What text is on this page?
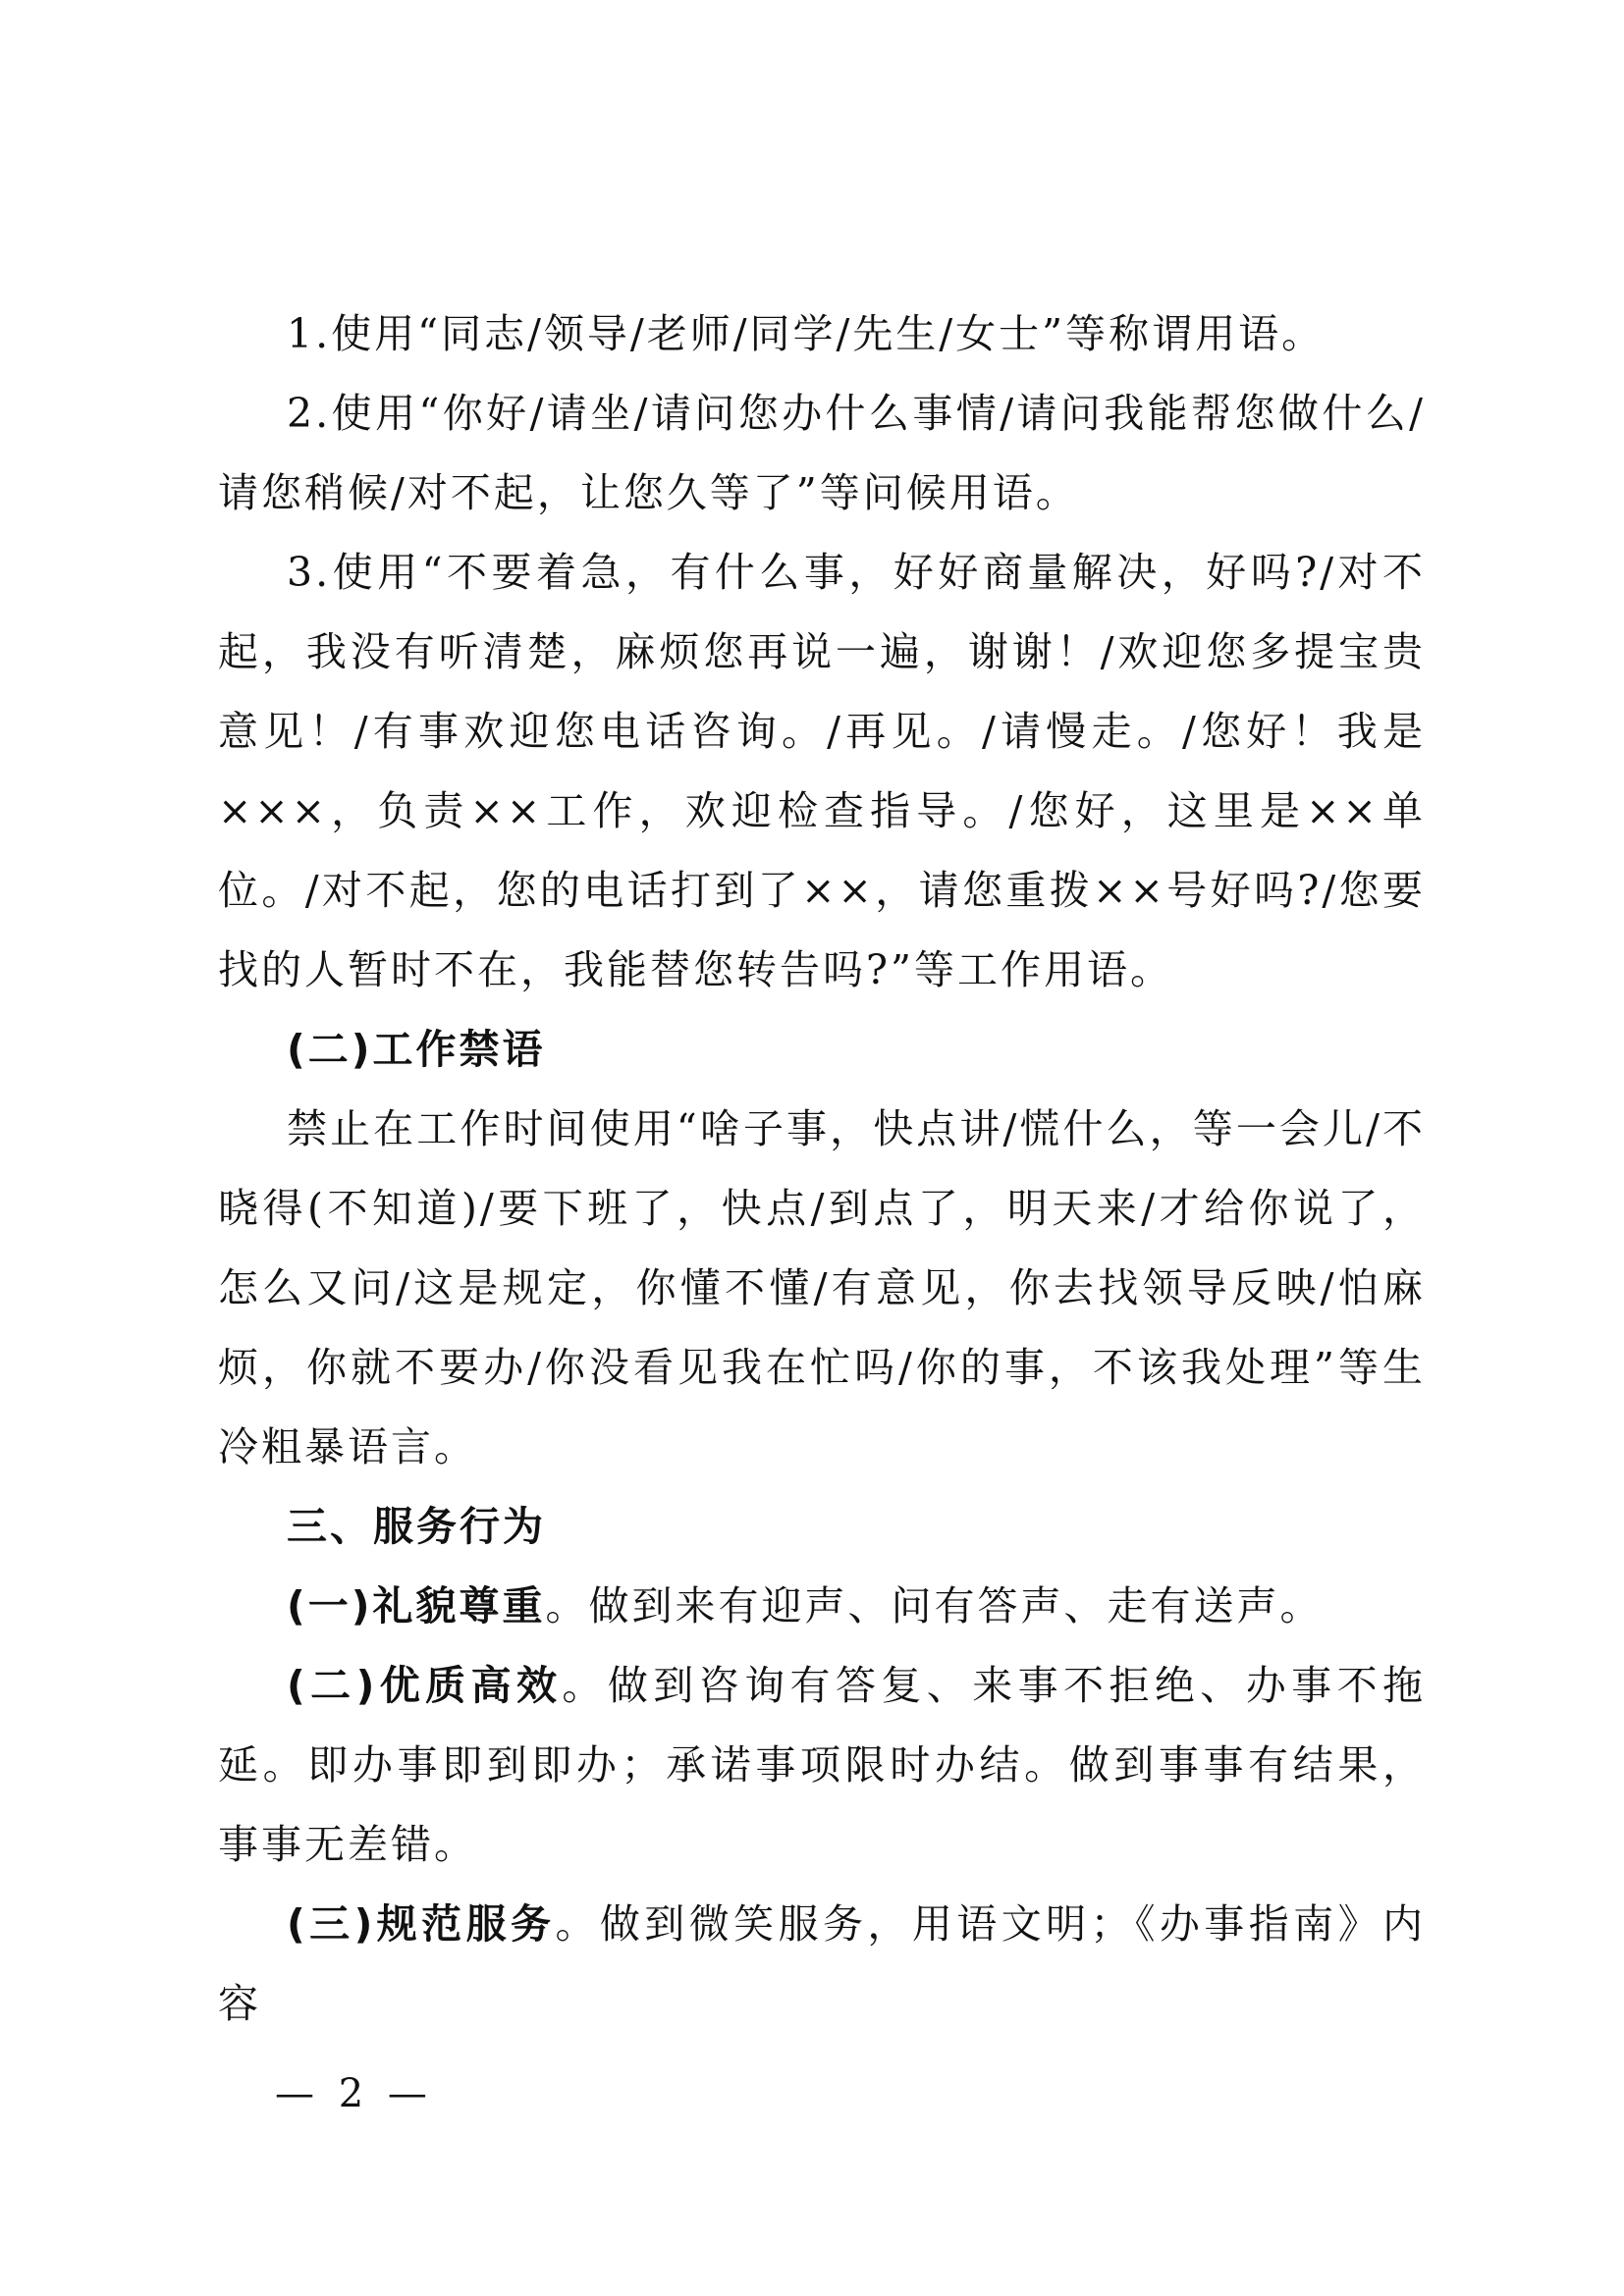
1.使用“同志/领导/老师/同学/先生/女士”等称谓用语。

2.使用“你好/请坐/请问您办什么事情/请问我能帮您做什么/请您稍候/对不起，让您久等了”等问候用语。

3.使用“不要着急，有什么事，好好商量解决，好吗?/对不起，我没有听清楚，麻烦您再说一遍，谢谢！/欢迎您多提宝贵意见！/有事欢迎您电话咨询。/再见。/请慢走。/您好！我是×××，负责××工作，欢迎检查指导。/您好，这里是××单位。/对不起，您的电话打到了××，请您重拨××号好吗?/您要找的人暂时不在，我能替您转告吗?”等工作用语。

(二)工作禁语

禁止在工作时间使用“啥子事，快点讲/慌什么，等一会儿/不晓得(不知道)/要下班了，快点/到点了，明天来/才给你说了，怎么又问/这是规定，你懂不懂/有意见，你去找领导反映/怕麻烦，你就不要办/你没看见我在忙吗/你的事，不该我处理”等生冷粗暴语言。

三、服务行为

(一)礼貌尊重。做到来有迎声、问有答声、走有送声。

(二)优质高效。做到咨询有答复、来事不拒绝、办事不拖延。即办事即到即办；承诺事项限时办结。做到事事有结果，事事无差错。

(三)规范服务。做到微笑服务，用语文明；《办事指南》内容

— 2 —
